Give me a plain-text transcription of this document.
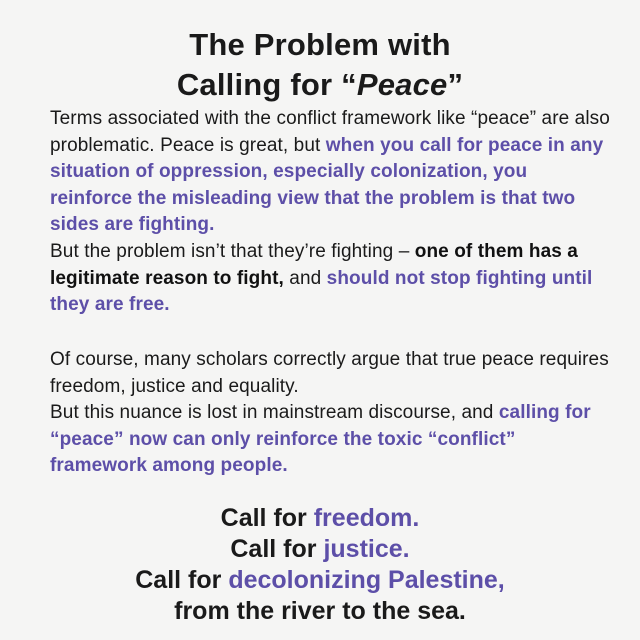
The Problem with
Calling for “Peace”

Terms associated with the conflict framework like “peace” are also problematic. Peace is great, but when you call for peace in any situation of oppression, especially colonization, you reinforce the misleading view that the problem is that two sides are fighting.
But the problem isn’t that they’re fighting – one of them has a legitimate reason to fight, and should not stop fighting until they are free.

Of course, many scholars correctly argue that true peace requires freedom, justice and equality.
But this nuance is lost in mainstream discourse, and calling for “peace” now can only reinforce the toxic “conflict” framework among people.

Call for freedom.
Call for justice.
Call for decolonizing Palestine,
from the river to the sea.
